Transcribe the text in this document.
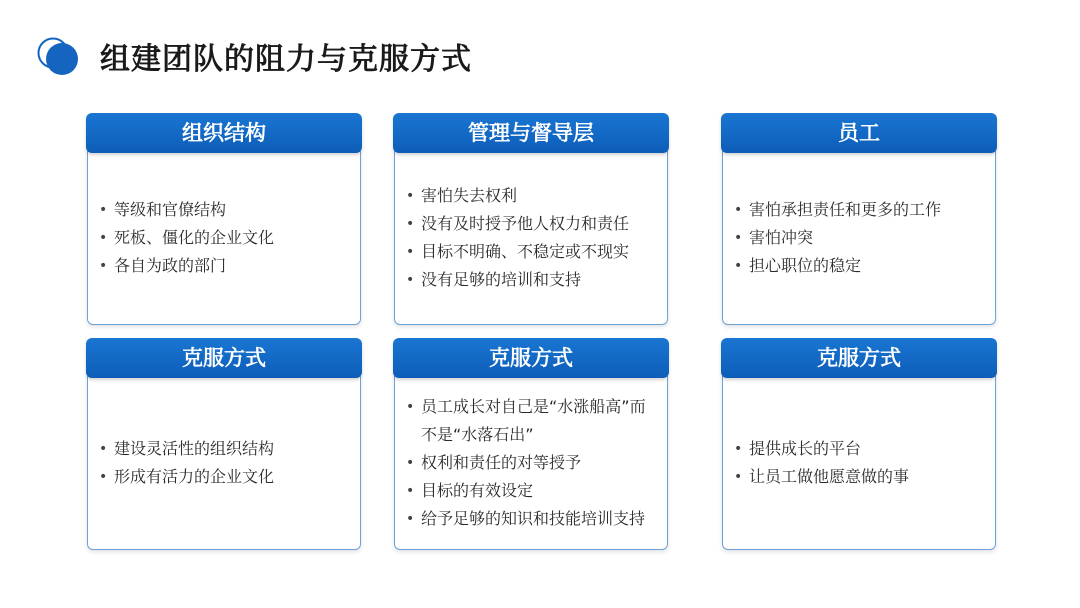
组建团队的阻力与克服方式
组织结构
• 等级和官僚结构
• 死板、僵化的企业文化
• 各自为政的部门
管理与督导层
• 害怕失去权利
• 没有及时授予他人权力和责任
• 目标不明确、不稳定或不现实
• 没有足够的培训和支持
员工
• 害怕承担责任和更多的工作
• 害怕冲突
• 担心职位的稳定
克服方式
• 建设灵活性的组织结构
• 形成有活力的企业文化
克服方式
• 员工成长对自己是“水涨船高”而不是“水落石出”
• 权利和责任的对等授予
• 目标的有效设定
• 给予足够的知识和技能培训支持
克服方式
• 提供成长的平台
• 让员工做他愿意做的事
